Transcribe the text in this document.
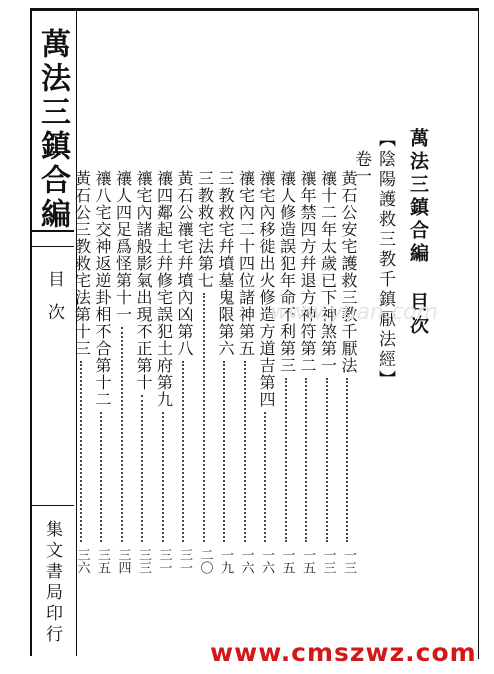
萬法三鎮合編
目次
集文書局印行
萬法三鎮合編 目次
【陰陽護救三教千鎮厭法經】
卷一
黃石公安宅護救三教千厭法
一三
禳十二年太歲已下神煞第一
一三
禳年禁四方幷退方神符第二
一五
禳人修造誤犯年命不利第三
一五
禳宅內移徙出火修造方道吉第四
一六
禳宅內二十四位諸神第五
一六
三教救宅幷墳墓鬼限第六
一九
三教救宅法第七
二〇
黃石公禳宅幷墳內凶第八
三一
禳四鄰起土幷修宅誤犯土府第九
三一
禳宅內諸般影氣出現不正第十
三三
禳人四足爲怪第十一
三四
禳八宅交神返逆卦相不合第十二
三五
黃石公三教救宅法第十三
三六
www.yuan.com
www.cmszwz.com
